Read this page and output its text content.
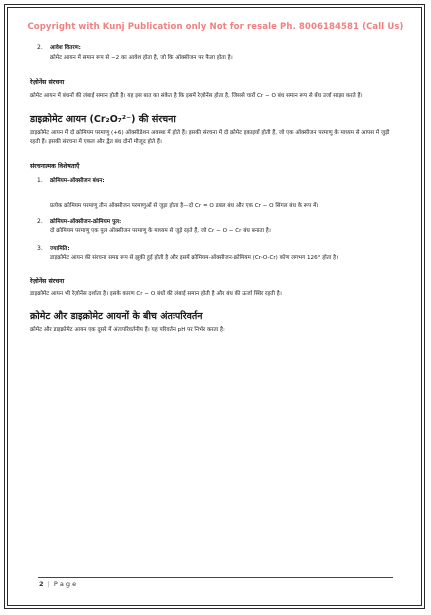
Copyright with Kunj Publication only Not for resale Ph. 8006184581 (Call Us)
2. आवेश वितरण:

क्रोमेट आयन में समान रूप से −2 का आवेश होता है, जो कि ऑक्सीजन पर फैला होता है।

रेज़ोनेंस संरचना

क्रोमेट आयन में बंधनों की लंबाई समान होती है। यह इस बात का संकेत है कि इसमें रेज़ोनेंस होता है, जिससे चारों Cr − O बंध समान रूप से बँध उर्जा साझा करते हैं।

डाइक्रोमेट आयन (Cr₂O₇²⁻) की संरचना

डाइक्रोमेट आयन में दो क्रोमियम परमाणु (+6) ऑक्सीडेशन अवस्था में होते हैं। इसकी संरचना में दो क्रोमेट इकाइयाँ होती हैं, जो एक ऑक्सीजन परमाणु के माध्यम से आपस में जुड़ी रहती हैं। इसकी संरचना में एकल और द्वैत बंध दोनों मौजूद होते हैं।

संरचनात्मक विशेषताएँ

1. क्रोमियम-ऑक्सीजन बंधन:

प्रत्येक क्रोमियम परमाणु तीन ऑक्सीजन परमाणुओं से जुड़ा होता है—दो Cr = O डबल बंध और एक Cr − O सिंगल बंध के रूप में।

2. क्रोमियम-ऑक्सीजन-क्रोमियम पुल:

दो क्रोमियम परमाणु एक पुल ऑक्सीजन परमाणु के माध्यम से जुड़े रहते हैं, जो Cr − O − Cr बंध बनाता है।

3. ज्यामिति:

डाइक्रोमेट आयन की संरचना समग्र रूप से झुकी हुई होती है और इसमें क्रोमियम-ऑक्सीजन-क्रोमियम (Cr-O-Cr) कोण लगभग 126° होता है।

रेज़ोनेंस संरचना

डाइक्रोमेट आयन भी रेज़ोनेंस दर्शाता है। इसके कारण Cr − O बंधों की लंबाई समान होती है और बंध की ऊर्जा स्थिर रहती है।

क्रोमेट और डाइक्रोमेट आयनों के बीच अंतःपरिवर्तन

क्रोमेट और डाइक्रोमेट आयन एक दूसरे में अंतःपरिवर्तनीय हैं। यह परिवर्तन pH पर निर्भर करता है:

2 | P a g e
